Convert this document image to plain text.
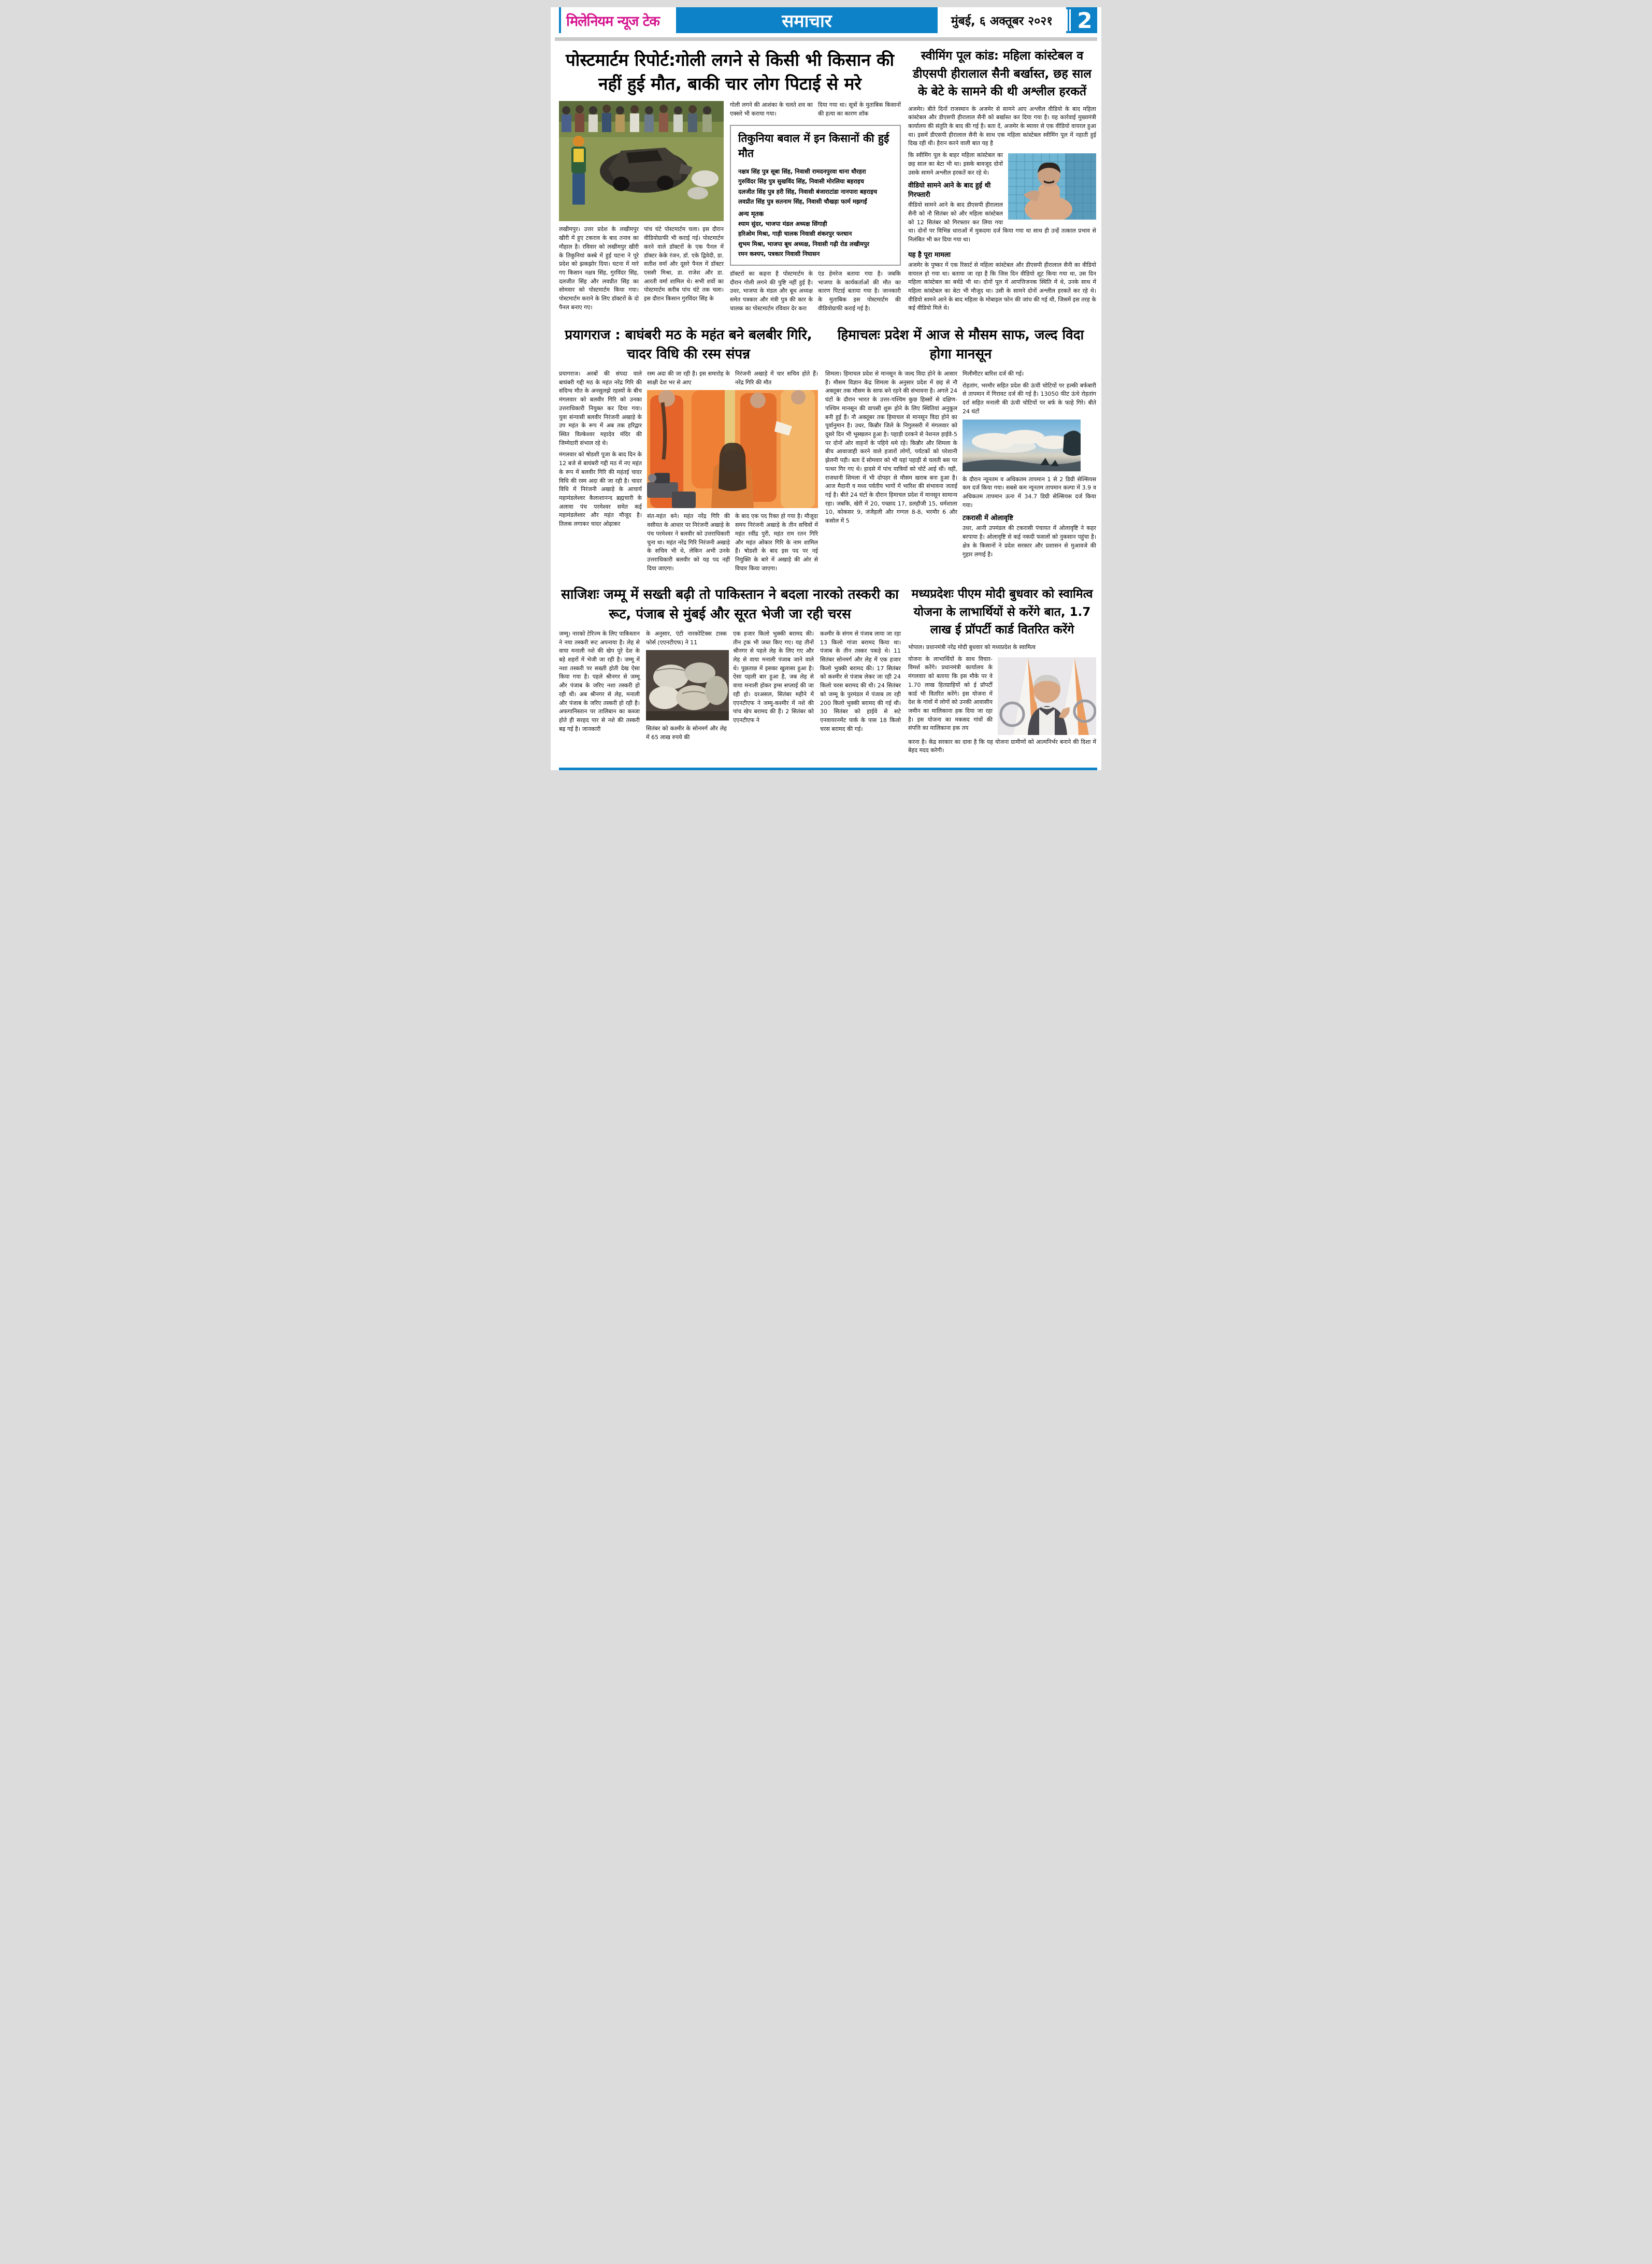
मिलेनियम न्यूज टेक	समाचार	मुंबई, ६ अक्तूबर २०२१	2
पोस्टमार्टम रिपोर्ट:गोली लगने से किसी भी किसान की नहीं हुई मौत, बाकी चार लोग पिटाई से मरे

लखीमपुर। उत्तर प्रदेश के लखीमपुर खीरी में हुए टकराव के बाद तनाव का मौहाल है। रविवार को लखीमपुर खीरी के तिकुनियां कस्बे में हुई घटना ने पूरे प्रदेश को झकझोर दिया। घटना में मारे गए किसान नक्षत्र सिंह, गुरविंदर सिंह, दलजीत सिंह और लवप्रीत सिंह का सोमवार को पोस्टमार्टम किया गया। पोस्टमार्टम कराने के लिए डॉक्टरों के दो पैनल बनाए गए।

पांच घंटे पोस्टमार्टम चला। इस दौरान वीडियोग्राफी भी कराई गई। पोस्टमार्टम करने वाले डॉक्टरों के एक पैनल में डॉक्टर केके रंजन, डॉ. एके द्विवेदी, डा. सतीश वर्मा और दूसरे पैनल में डॉक्टर एससी मिश्रा, डा. राजेश और डा. आरती वर्मा शामिल थे। सभी शवों का पोस्टमार्टम करीब पांच घंटे तक चला। इस दौरान किसान गुरविंदर सिंह के

गोली लगने की आशंका के चलते शव का एक्सरे भी कराया गया।

दिया गया था। सूत्रों के मुताबिक किसानों की हत्या का कारण शॉक

तिकुनिया बवाल में इन किसानों की हुई मौत
नक्षत्र सिंह पुत्र सूबा सिंह, निवासी रामदनपुरवा थाना धौरहरा
गुरुविंदर सिंह पुत्र सुखविंद सिंह, निवासी मोरलिया बहराइच
दलजीत सिंह पुत्र हरी सिंह, निवासी बंजाराटांडा नानपारा बहराइच
लवप्रीत सिंह पुत्र सतनाम सिंह, निवासी चौखड़ा फार्म मझगईं
अन्य मृतक
श्याम सुंदर, भाजपा मंडल अध्यक्ष सिंगाही
हरिओम मिश्रा, गाड़ी चालक निवासी शंकरपुर फरधान
शुभम मिश्रा, भाजपा बूथ अध्यक्ष, निवासी गढ़ी रोड लखीमपुर
रमन कश्यप, पत्रकार निवासी निघासन

डॉक्टरों का कहना है पोस्टमार्टम के दौरान गोली लगने की पुष्टि नहीं हुई है। उधर, भाजपा के मंडल और बूथ अध्यक्ष समेत पत्रकार और मंत्री पुत्र की कार के चालक का पोस्टमार्टम रविवार देर करा

एंड हेमरेज बताया गया है। जबकि भाजपा के कार्यकर्ताओं की मौत का कारण पिटाई बताया गया है। जानकारी के मुताबिक इस पोस्टमार्टम की वीडियोग्राफी कराई गई है।

स्वीमिंग पूल कांड: महिला कांस्टेबल व डीएसपी हीरालाल सैनी बर्खास्त, छह साल के बेटे के सामने की थी अश्लील हरकतें

अजमेर। बीते दिनों राजस्थान के अजमेर से सामने आए अश्लील वीडियो के बाद महिला कांस्टेबल और डीएसपी हीरालाल सैनी को बर्खास्त कर दिया गया है। यह कार्रवाई मुख्यमंत्री कार्यालय की संतुति के बाद की गई है। बता दें, अजमेर के ब्यावर से एक वीडियो वायरल हुआ था। इसमें डीएसपी हीरालाल सैनी के साथ एक महिला कांस्टेबल स्वीमिंग पूल में नहाती हुई दिख रही थी। हैरान करने वाली बात यह है

कि स्वीमिंग पूल के बाहर महिला कांस्टेबल का छह साल का बेटा भी था। इसके बावजूद दोनों उसके सामने अश्लील हरकतें कर रहे थे।

वीडियो सामने आने के बाद हुई थी गिरफ्तारी

वीडियो सामने आने के बाद डीएसपी हीरालाल सैनी को नौ सितंबर को और महिला कांस्टेबल को 12 सितंबर को गिरफ्तार कर लिया गया था। दोनों पर विभिन्न धाराओं में मुकदमा दर्ज किया गया था साथ ही उन्हें तत्काल प्रभाव से निलंबित भी कर दिया गया था।

यह है पूरा मामला

अजमेर के पुष्कर में एक रिसार्ट से महिला कांस्टेबल और डीएसपी हीरालाल सैनी का वीडियो वायरल हो गया था। बताया जा रहा है कि जिस दिन वीडियो शूट किया गया था, उस दिन महिला कांस्टेबल का बर्थडे भी था। दोनों पूल में आपत्तिजनक स्थिति में थे, उनके साथ में महिला कांस्टेबल का बेटा भी मौजूद था। उसी के सामने दोनों अश्लील हरकतें कर रहे थे। वीडियो सामने आने के बाद महिला के मोबाइल फोन की जांच की गई थी, जिसमें इस तरह के कई वीडियो मिले थे।

प्रयागराज : बाघंबरी मठ के महंत बने बलबीर गिरि, चादर विधि की रस्म संपन्न

प्रयागराज। अरबों की संपदा वाले बाघंबरी गद्दी मठ के महंत नरेंद्र गिरि की संदिग्ध मौत के अनसुलझे रहस्यों के बीच मंगलवार को बलवीर गिरि को उनका उत्तराधिकारी नियुक्त कर दिया गया। युवा संन्यासी बलवीर निरंजनी अखाड़े के उप महंत के रूप में अब तक हरिद्वार स्थित विल्केश्वर महादेव मंदिर की जिम्मेदारी संभाल रहे थे।

मंगलवार को षोडशी पूजा के बाद दिन के 12 बजे से बाघंबरी गद्दी मठ में नए महंत के रूप में बलवीर गिरि की महंतई चादर विधि की रस्म अदा की जा रही है। चादर विधि में निरंजनी अखाड़े के आचार्य महामंडलेश्वर कैलाशानन्द ब्रह्मचारी के अलावा पंच परमेश्वर समेत कई महामंडलेश्वर और महंत मौजूद है। तिलक लगाकर चादर ओढ़ाकर

रस्म अदा की जा रही है। इस समारोह के साक्षी देश भर से आए

निरंजनी अखाड़े में चार सचिव होते हैं। नरेंद्र गिरि की मौत

संत-महंत बने। महंत नरेंद्र गिरि की वसीयत के आधार पर निरंजनी अखाड़े के पंच परमेश्वर ने बलवीर को उत्तराधिकारी चुना था। महंत नरेंद्र गिरि निरंजनी अखाड़े के सचिव भी थे, लेकिन अभी उनके उत्तराधिकारी बलवीर को यह पद नहीं दिया जाएगा।

के बाद एक पद रिक्त हो गया है। मौजूदा समय निरंजनी अखाड़े के तीन सचिवों में महंत रवींद्र पुरी, महंत राम रतन गिरि और महंत ओंकार गिरि के नाम शामिल हैं। षोडशी के बाद इस पद पर नई नियुक्ति के बारे में अखाड़े की ओर से विचार किया जाएगा।

हिमाचलः प्रदेश में आज से मौसम साफ, जल्द विदा होगा मानसून

शिमला। हिमाचल प्रदेश से मानसून के जल्द विदा होने के आसार हैं। मौसम विज्ञान केंद्र शिमला के अनुसार प्रदेश में छह से नौ अक्तूबर तक मौसम के साफ बने रहने की संभावना है। अगले 24 घंटों के दौरान भारत के उत्तर-पश्चिम कुछ हिस्सों से दक्षिण-पश्चिम मानसून की वापसी शुरू होने के लिए स्थितियां अनुकूल बनी हुई हैं। नौ अक्तूबर तक हिमाचल से मानसून विदा होने का पूर्वानुमान है। उधर, किन्नौर जिले के निगुलसरी में मंगलवार को दूसरे दिन भी भूस्खलन हुआ है। पहाड़ी दरकने से नेशनल हाईवे-5 पर दोनों ओर वाहनों के पहिये थमे रहे। किन्नौर और शिमला के बीच आवाजाही करने वाले हजारों लोगों, पर्यटकों को परेशानी झेलनी पड़ी। बता दें सोमवार को भी यहां पहाड़ी से चलती बस पर पत्थर गिर गए थे। हादसे में पांच यात्रियों को चोटें आई थीं। वहीं, राजधानी शिमला में भी दोपहर से मौसम खराब बना हुआ है। आज मैदानी व मध्य पर्वतीय भागों में भारिश की संभावना जताई गई है। बीते 24 घंटों के दौरान हिमाचल प्रदेश में मानसून सामान्य रहा। जबकि, खेरी में 20, पच्छाद 17, डलहौजी 15, धर्मशाला 10, कोकसर 9, जंजैहली और गग्गल 8-8, भरमौर 6 और कसोल में 5

मिलीमीटर बारिश दर्ज की गई।

रोहतांग, भरमौर सहित प्रदेश की ऊंची चोटियों पर हल्की बर्फबारी से तापमान में गिरावट दर्ज की गई है। 13050 फीट ऊंचे रोहतांग दर्रा सहित मनाली की ऊंची चोटियों पर बर्फ के फाहे गिरे। बीते 24 घंटों

के दौरान न्यूनतम व अधिकतम तापमान 1 से 2 डिग्री सेल्सियस कम दर्ज किया गया। सबसे कम न्यूनतम तापमान कल्पा में 3.9 व अधिकतम तापमान ऊना में 34.7 डिग्री सेल्सियस दर्ज किया गया।

टकरासी में ओलावृष्टि

उधर, आनी उपमंडल की टकरासी पंचायत में ओलावृष्टि ने कहर बरपाया है। ओलावृष्टि से कई नकदी फसलों को नुकसान पहुंचा है। क्षेत्र के किसानों ने प्रदेश सरकार और प्रशासन से मुआवजे की गुहार लगाई है।

साजिशः जम्मू में सख्ती बढ़ी तो पाकिस्तान ने बदला नारको तस्करी का रूट, पंजाब से मुंबई और सूरत भेजी जा रही चरस

जम्मू। नारको टेरिज्म के लिए पाकिस्तान ने नया तस्करी रूट अपनाया है। लेह से वाया मनाली नशे की खेप पूरे देश के बड़े शहरों में भेजी जा रही है। जम्मू में नशा तस्करी पर सख्ती होती देख ऐसा किया गया है। पहले श्रीनगर से जम्मू और पंजाब के जरिए नशा तस्करी हो रही थी। अब श्रीनगर से लेह, मनाली और पंजाब के जरिए तस्करी हो रही है। अफगानिस्तान पर तालिबान का कब्जा होते ही सरहद पार से नशे की तस्करी बढ़ गई है। जानकारी

के अनुसार, एंटी नारकोटिक्स टास्क फोर्स (एएनटीएफ) ने 11

सितंबर को कश्मीर के सोनमर्ग और लेह में 65 लाख रुपये की

एक हजार किलो भुक्की बरामद की। तीन ट्रक भी जब्त किए गए। यह तीनों श्रीनगर से पहले लेह के लिए गए और लेह से वाया मनाली पंजाब जाने वाले थे। पूछताछ में इसका खुलासा हुआ है। ऐसा पहली बार हुआ है, जब लेह से वाया मनाली होकर ड्रग्स सप्लाई की जा रही हो। दरअसल, सितंबर महीने में एएनटीएफ ने जम्मू-कश्मीर में नशे की पांच खेप बरामद की हैं। 2 सितंबर को एएनटीएफ ने

कश्मीर के संगम से पंजाब लाया जा रहा 13 किलो गांजा बरामद किया था। पंजाब के तीन तस्कर पकड़े थे। 11 सितंबर सोनमर्ग और लेह में एक हजार किलो भुक्की बरामद की। 17 सितंबर को कश्मीर से पंजाब लेकर जा रही 24 किलो चरस बरामद की थी। 24 सितंबर को जम्मू के पुरमंडल में पंजाब ला रही 200 किलो भुक्की बरामद की गई थी। 30 सितंबर को हाईवे से सटे एनवायरनमेंट पार्क के पास 18 किलो चरस बरामद की गई।

मध्यप्रदेशः पीएम मोदी बुधवार को स्वामित्व योजना के लाभार्थियों से करेंगे बात, 1.7 लाख ई प्रॉपर्टी कार्ड वितरित करेंगे

भोपाल। प्रधानमंत्री नरेंद्र मोदी बुधवार को मध्यप्रदेश के स्वामित्व

योजना के लाभार्थियों के साथ विचार-विमर्श करेंगे। प्रधानमंत्री कार्यालय के मंगलवार को बताया कि इस मौके पर वे 1.70 लाख हितग्राहियों को ई प्रॉपर्टी कार्ड भी वितरित करेंगे। इस योजना में देश के गांवों में लोगों को उनकी आवासीय जमीन का मालिकाना हक दिया जा रहा है। इस योजना का मकसद गांवों की संपत्ति का मालिकाना हक तय

करना है। केंद्र सरकार का दावा है कि यह योजना ग्रामीणों को आत्मनिर्भर बनाने की दिशा में बेहद मदद करेगी।
